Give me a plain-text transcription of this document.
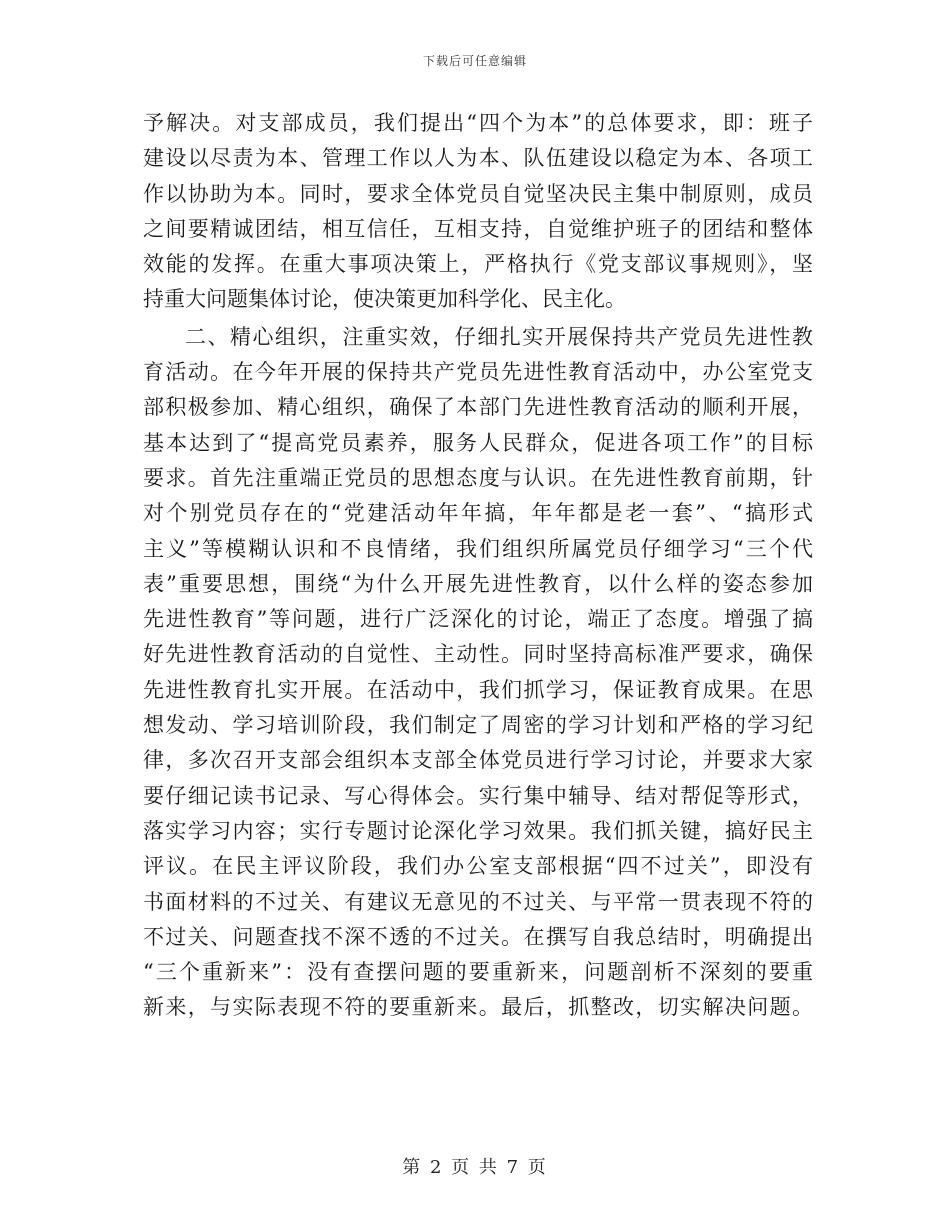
下载后可任意编辑
予解决。对支部成员，我们提出“四个为本”的总体要求，即：班子
建设以尽责为本、管理工作以人为本、队伍建设以稳定为本、各项工
作以协助为本。同时，要求全体党员自觉坚决民主集中制原则，成员
之间要精诚团结，相互信任，互相支持，自觉维护班子的团结和整体
效能的发挥。在重大事项决策上，严格执行《党支部议事规则》，坚
持重大问题集体讨论，使决策更加科学化、民主化。
二、精心组织，注重实效，仔细扎实开展保持共产党员先进性教
育活动。在今年开展的保持共产党员先进性教育活动中，办公室党支
部积极参加、精心组织，确保了本部门先进性教育活动的顺利开展，
基本达到了“提高党员素养，服务人民群众，促进各项工作”的目标
要求。首先注重端正党员的思想态度与认识。在先进性教育前期，针
对个别党员存在的“党建活动年年搞，年年都是老一套”、“搞形式
主义”等模糊认识和不良情绪，我们组织所属党员仔细学习“三个代
表”重要思想，围绕“为什么开展先进性教育，以什么样的姿态参加
先进性教育”等问题，进行广泛深化的讨论，端正了态度。增强了搞
好先进性教育活动的自觉性、主动性。同时坚持高标准严要求，确保
先进性教育扎实开展。在活动中，我们抓学习，保证教育成果。在思
想发动、学习培训阶段，我们制定了周密的学习计划和严格的学习纪
律，多次召开支部会组织本支部全体党员进行学习讨论，并要求大家
要仔细记读书记录、写心得体会。实行集中辅导、结对帮促等形式，
落实学习内容；实行专题讨论深化学习效果。我们抓关键，搞好民主
评议。在民主评议阶段，我们办公室支部根据“四不过关”，即没有
书面材料的不过关、有建议无意见的不过关、与平常一贯表现不符的
不过关、问题查找不深不透的不过关。在撰写自我总结时，明确提出
“三个重新来”：没有查摆问题的要重新来，问题剖析不深刻的要重
新来，与实际表现不符的要重新来。最后，抓整改，切实解决问题。
第 2 页 共 7 页
